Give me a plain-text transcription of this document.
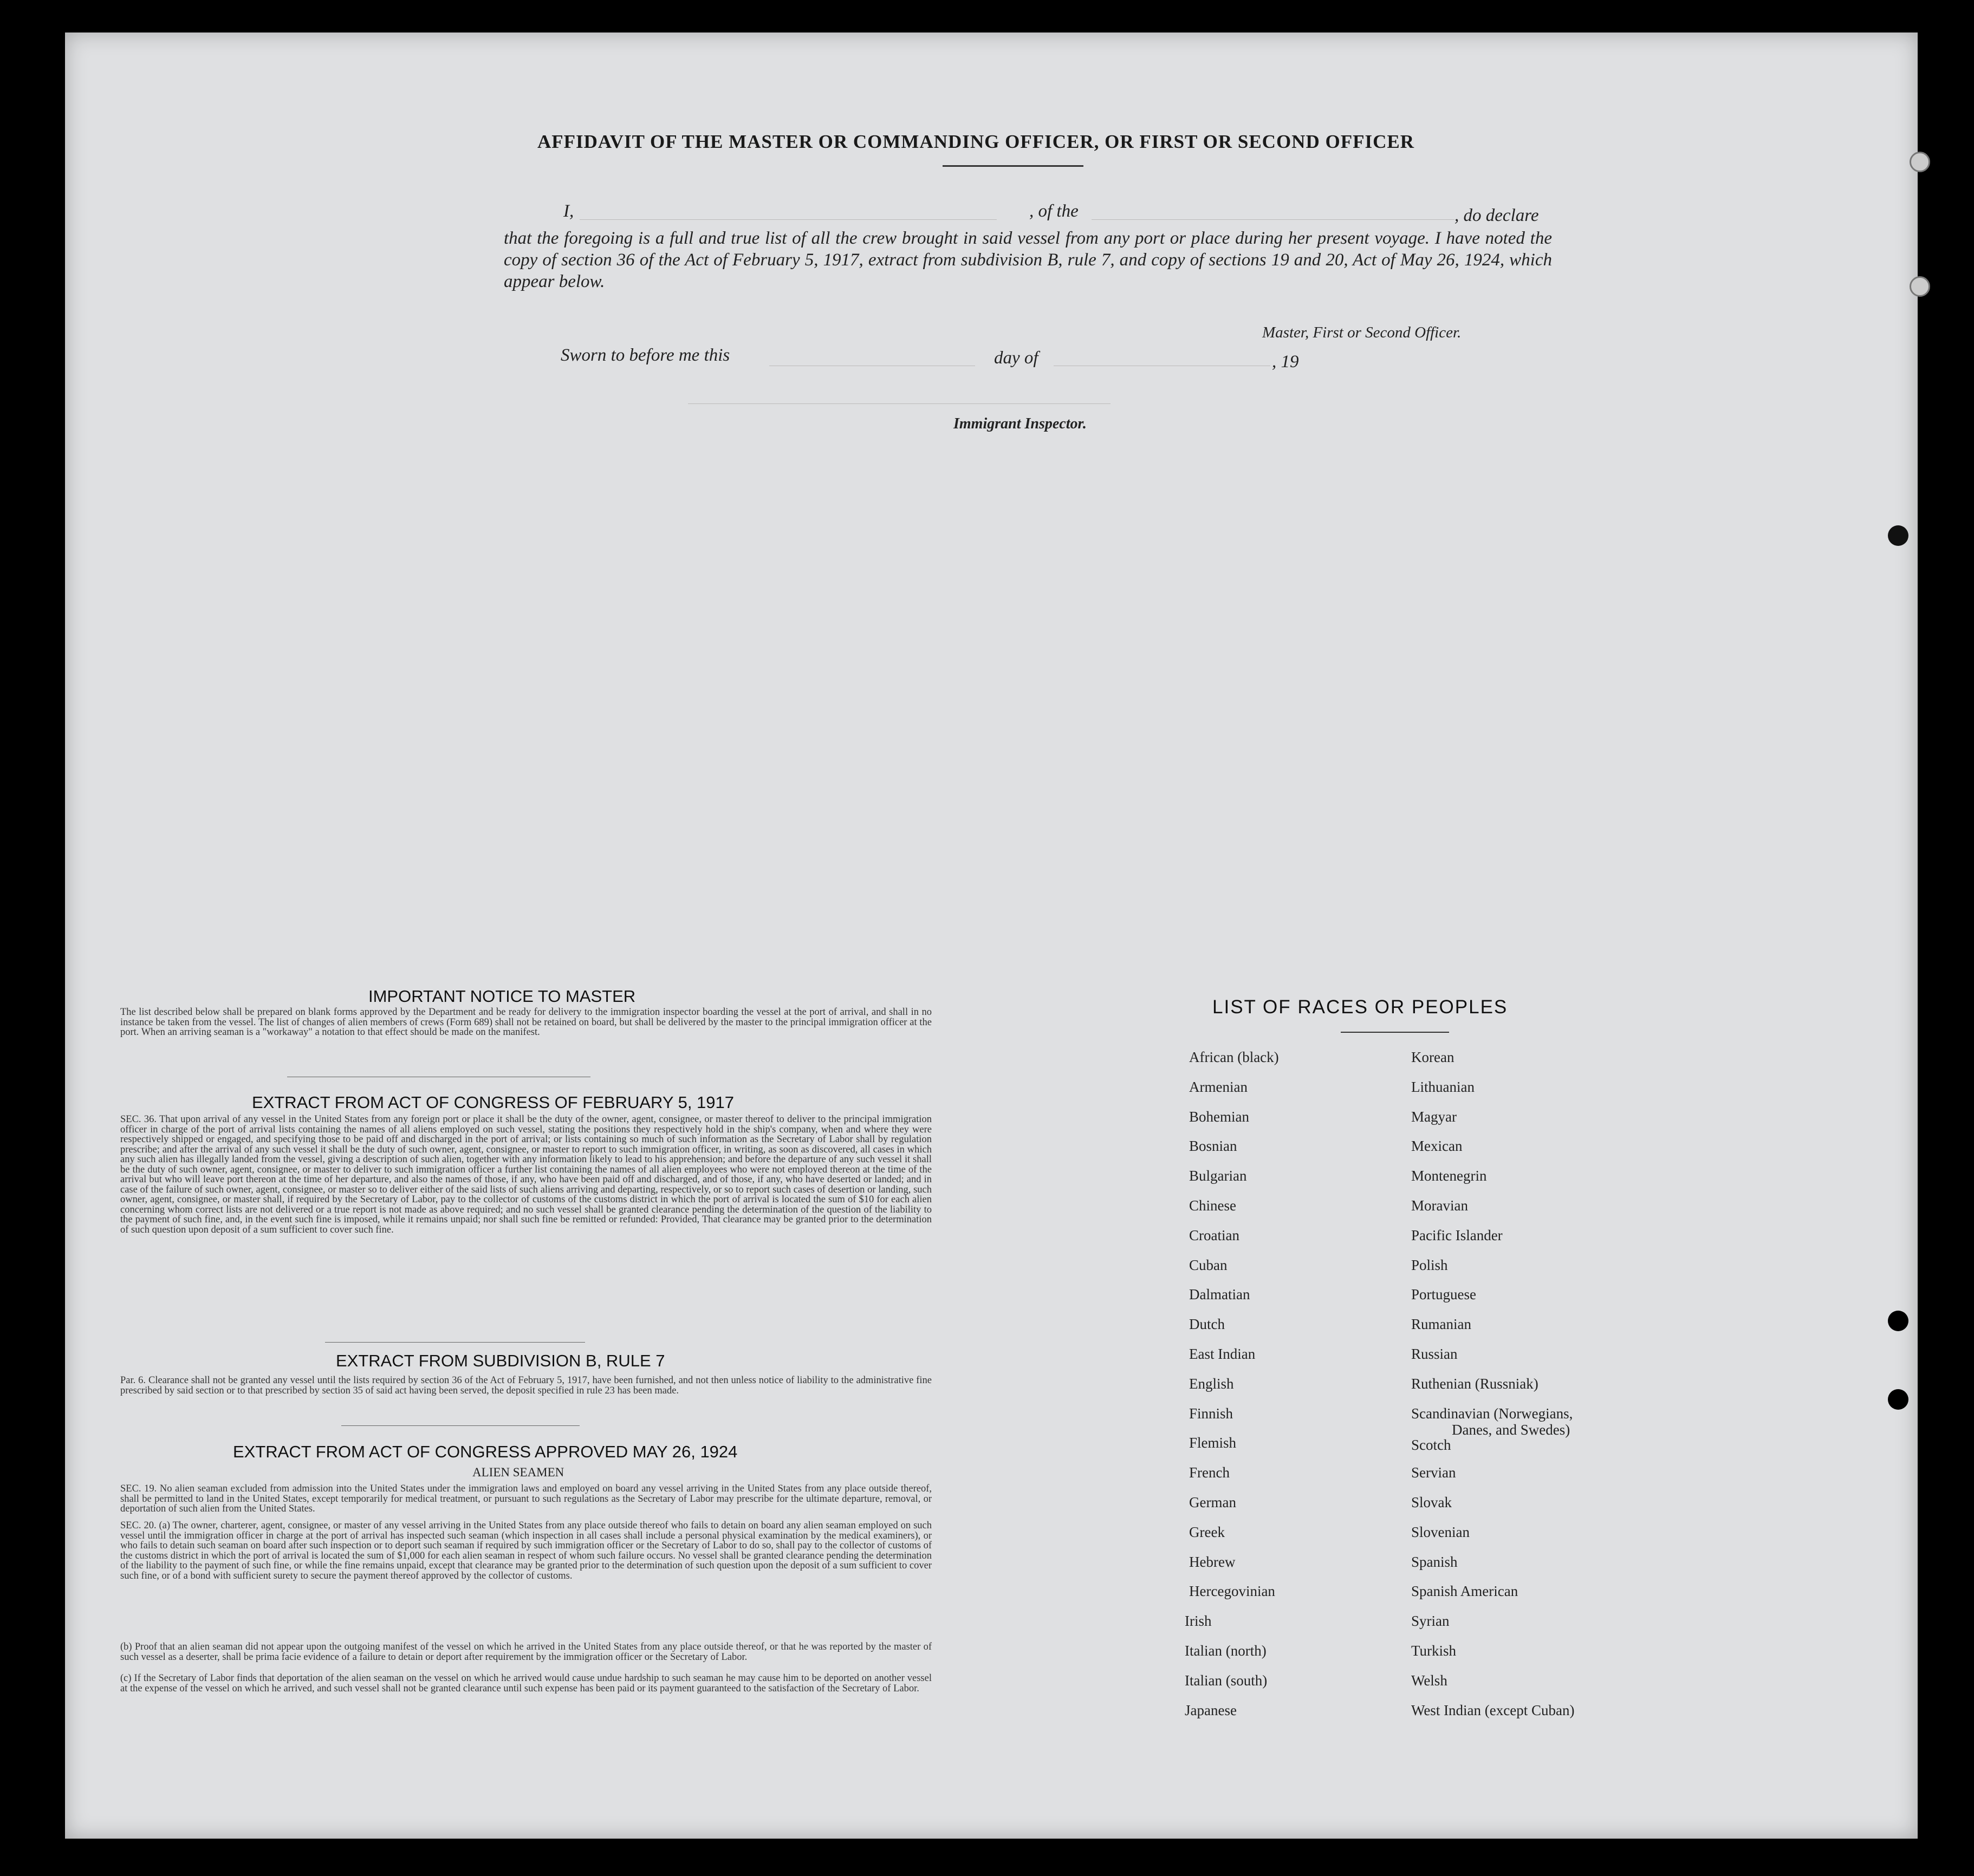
AFFIDAVIT OF THE MASTER OR COMMANDING OFFICER, OR FIRST OR SECOND OFFICER
I,	, of the	, do declare
that the foregoing is a full and true list of all the crew brought in said vessel from any port or place during her present voyage. I have noted the copy of section 36 of the Act of February 5, 1917, extract from subdivision B, rule 7, and copy of sections 19 and 20, Act of May 26, 1924, which appear below.
Master, First or Second Officer.
Sworn to before me this	day of	, 19
Immigrant Inspector.
IMPORTANT NOTICE TO MASTER
The list described below shall be prepared on blank forms approved by the Department and be ready for delivery to the immigration inspector boarding the vessel at the port of arrival, and shall in no instance be taken from the vessel. The list of changes of alien members of crews (Form 689) shall not be retained on board, but shall be delivered by the master to the principal immigration officer at the port. When an arriving seaman is a "workaway" a notation to that effect should be made on the manifest.
EXTRACT FROM ACT OF CONGRESS OF FEBRUARY 5, 1917
SEC. 36. That upon arrival of any vessel in the United States from any foreign port or place it shall be the duty of the owner, agent, consignee, or master thereof to deliver to the principal immigration officer in charge of the port of arrival lists containing the names of all aliens employed on such vessel, stating the positions they respectively hold in the ship's company, when and where they were respectively shipped or engaged, and specifying those to be paid off and discharged in the port of arrival; or lists containing so much of such information as the Secretary of Labor shall by regulation prescribe; and after the arrival of any such vessel it shall be the duty of such owner, agent, consignee, or master to report to such immigration officer, in writing, as soon as discovered, all cases in which any such alien has illegally landed from the vessel, giving a description of such alien, together with any information likely to lead to his apprehension; and before the departure of any such vessel it shall be the duty of such owner, agent, consignee, or master to deliver to such immigration officer a further list containing the names of all alien employees who were not employed thereon at the time of the arrival but who will leave port thereon at the time of her departure, and also the names of those, if any, who have been paid off and discharged, and of those, if any, who have deserted or landed; and in case of the failure of such owner, agent, consignee, or master so to deliver either of the said lists of such aliens arriving and departing, respectively, or so to report such cases of desertion or landing, such owner, agent, consignee, or master shall, if required by the Secretary of Labor, pay to the collector of customs of the customs district in which the port of arrival is located the sum of $10 for each alien concerning whom correct lists are not delivered or a true report is not made as above required; and no such vessel shall be granted clearance pending the determination of the question of the liability to the payment of such fine, and, in the event such fine is imposed, while it remains unpaid; nor shall such fine be remitted or refunded: Provided, That clearance may be granted prior to the determination of such question upon deposit of a sum sufficient to cover such fine.
EXTRACT FROM SUBDIVISION B, RULE 7
Par. 6. Clearance shall not be granted any vessel until the lists required by section 36 of the Act of February 5, 1917, have been furnished, and not then unless notice of liability to the administrative fine prescribed by said section or to that prescribed by section 35 of said act having been served, the deposit specified in rule 23 has been made.
EXTRACT FROM ACT OF CONGRESS APPROVED MAY 26, 1924
ALIEN SEAMEN
SEC. 19. No alien seaman excluded from admission into the United States under the immigration laws and employed on board any vessel arriving in the United States from any place outside thereof, shall be permitted to land in the United States, except temporarily for medical treatment, or pursuant to such regulations as the Secretary of Labor may prescribe for the ultimate departure, removal, or deportation of such alien from the United States.
SEC. 20. (a) The owner, charterer, agent, consignee, or master of any vessel arriving in the United States from any place outside thereof who fails to detain on board any alien seaman employed on such vessel until the immigration officer in charge at the port of arrival has inspected such seaman (which inspection in all cases shall include a personal physical examination by the medical examiners), or who fails to detain such seaman on board after such inspection or to deport such seaman if required by such immigration officer or the Secretary of Labor to do so, shall pay to the collector of customs of the customs district in which the port of arrival is located the sum of $1,000 for each alien seaman in respect of whom such failure occurs. No vessel shall be granted clearance pending the determination of the liability to the payment of such fine, or while the fine remains unpaid, except that clearance may be granted prior to the determination of such question upon the deposit of a sum sufficient to cover such fine, or of a bond with sufficient surety to secure the payment thereof approved by the collector of customs.
(b) Proof that an alien seaman did not appear upon the outgoing manifest of the vessel on which he arrived in the United States from any place outside thereof, or that he was reported by the master of such vessel as a deserter, shall be prima facie evidence of a failure to detain or deport after requirement by the immigration officer or the Secretary of Labor.
(c) If the Secretary of Labor finds that deportation of the alien seaman on the vessel on which he arrived would cause undue hardship to such seaman he may cause him to be deported on another vessel at the expense of the vessel on which he arrived, and such vessel shall not be granted clearance until such expense has been paid or its payment guaranteed to the satisfaction of the Secretary of Labor.
LIST OF RACES OR PEOPLES
African (black)
Armenian
Bohemian
Bosnian
Bulgarian
Chinese
Croatian
Cuban
Dalmatian
Dutch
East Indian
English
Finnish
Flemish
French
German
Greek
Hebrew
Hercegovinian
Irish
Italian (north)
Italian (south)
Japanese
Korean
Lithuanian
Magyar
Mexican
Montenegrin
Moravian
Pacific Islander
Polish
Portuguese
Rumanian
Russian
Ruthenian (Russniak)
Scandinavian (Norwegians,
Danes, and Swedes)
Scotch
Servian
Slovak
Slovenian
Spanish
Spanish American
Syrian
Turkish
Welsh
West Indian (except Cuban)
